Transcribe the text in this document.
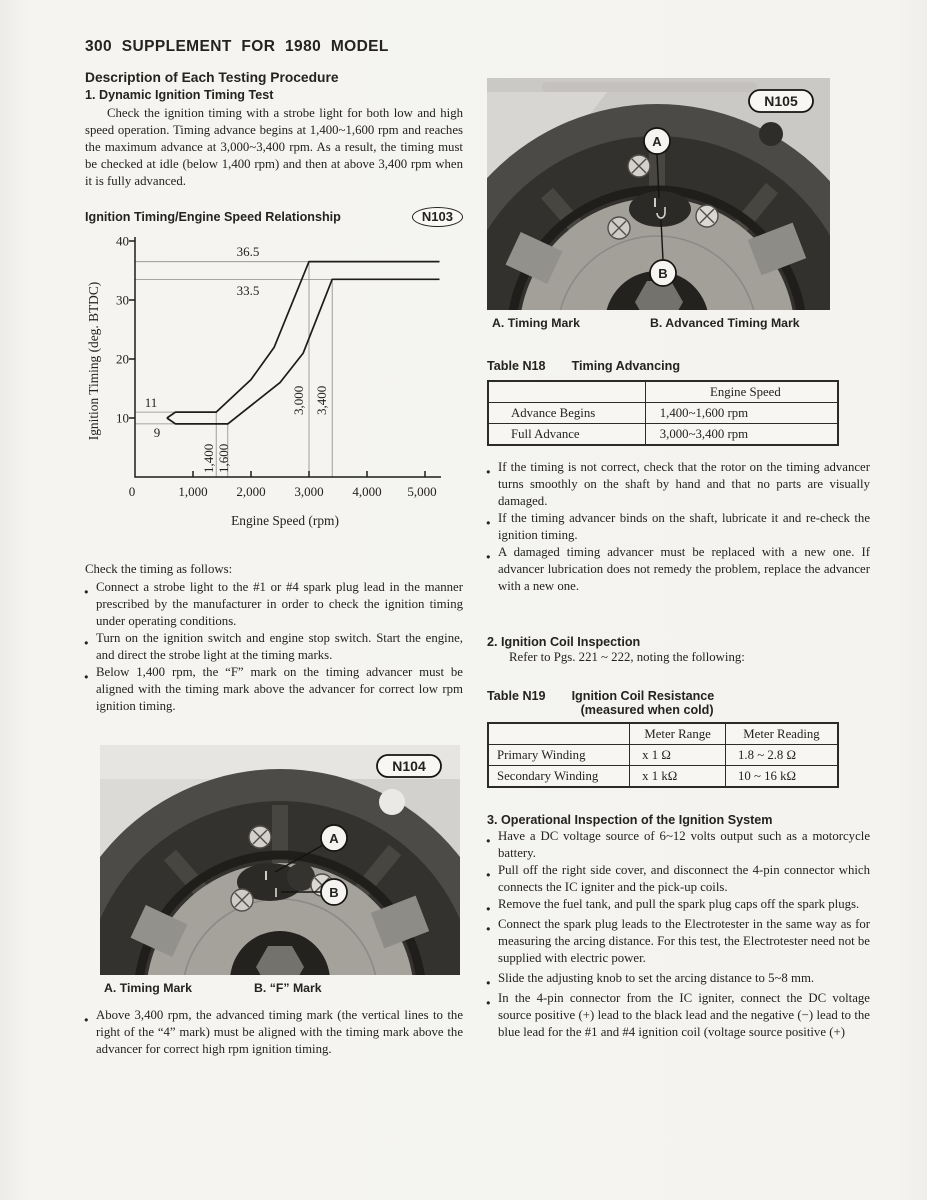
300 SUPPLEMENT FOR 1980 MODEL
Description of Each Testing Procedure
1. Dynamic Ignition Timing Test

Check the ignition timing with a strobe light for both low and high speed operation. Timing advance begins at 1,400~1,600 rpm and reaches the maximum advance at 3,000~3,400 rpm. As a result, the timing must be checked at idle (below 1,400 rpm) and then at above 3,400 rpm when it is fully advanced.

Ignition Timing/Engine Speed Relationship	N103
40
30
20
10
0	1,000 2,000 3,000 4,000 5,000
36.5
33.5
11
9
1,400 1,600
3,000 3,400
Engine Speed (rpm)
Ignition Timing (deg. BTDC)

Check the timing as follows:

● Connect a strobe light to the #1 or #4 spark plug lead in the manner prescribed by the manufacturer in order to check the ignition timing under operating conditions.
● Turn on the ignition switch and engine stop switch. Start the engine, and direct the strobe light at the timing marks.
● Below 1,400 rpm, the “F” mark on the timing advancer must be aligned with the timing mark above the advancer for correct low rpm ignition timing.
A
B
N104
A. Timing Mark	B. “F” Mark
● Above 3,400 rpm, the advanced timing mark (the vertical lines to the right of the “4” mark) must be aligned with the timing mark above the advancer for correct high rpm ignition timing.
A
B
N105
A. Timing Mark	B. Advanced Timing Mark
Table N18 Timing Advancing
	Engine Speed
Advance Begins	1,400~1,600 rpm
Full Advance	3,000~3,400 rpm
● If the timing is not correct, check that the rotor on the timing advancer turns smoothly on the shaft by hand and that no parts are visually damaged.
● If the timing advancer binds on the shaft, lubricate it and re-check the ignition timing.
● A damaged timing advancer must be replaced with a new one. If advancer lubrication does not remedy the problem, replace the advancer with a new one.
2. Ignition Coil Inspection

Refer to Pgs. 221 ~ 222, noting the following:

Table N19 Ignition Coil Resistance
(measured when cold)
	Meter Range	Meter Reading
Primary Winding	x 1 Ω	1.8 ~ 2.8 Ω
Secondary Winding	x 1 kΩ	10 ~ 16 kΩ
3. Operational Inspection of the Ignition System
● Have a DC voltage source of 6~12 volts output such as a motorcycle battery.
● Pull off the right side cover, and disconnect the 4-pin connector which connects the IC igniter and the pick-up coils.
● Remove the fuel tank, and pull the spark plug caps off the spark plugs.
● Connect the spark plug leads to the Electrotester in the same way as for measuring the arcing distance. For this test, the Electrotester need not be supplied with electric power.
● Slide the adjusting knob to set the arcing distance to 5~8 mm.
● In the 4-pin connector from the IC igniter, connect the DC voltage source positive (+) lead to the black lead and the negative (−) lead to the blue lead for the #1 and #4 ignition coil (voltage source positive (+)
